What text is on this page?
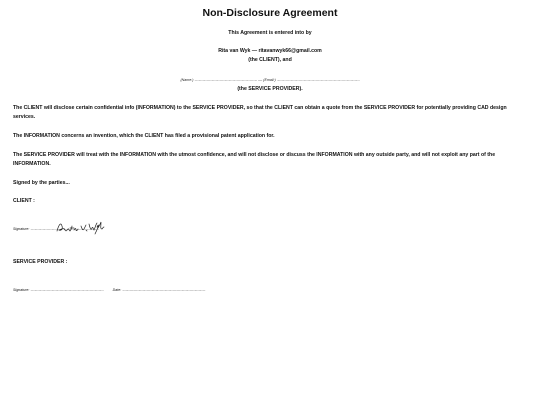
Non-Disclosure Agreement
This Agreement is entered into by
Rita van Wyk — ritavanwyk66@gmail.com
(the CLIENT), and
(Name:) ............................................................................. — (Email:) ......................................................................................................
(the SERVICE PROVIDER).

The CLIENT will disclose certain confidential info (INFORMATION) to the SERVICE PROVIDER, so that the CLIENT can obtain a quote from the SERVICE PROVIDER for potentially providing CAD design services.

The INFORMATION concerns an invention, which the CLIENT has filed a provisional patent application for.

The SERVICE PROVIDER will treat with the INFORMATION with the utmost confidence, and will not disclose or discuss the INFORMATION with any outside party, and will not exploit any part of the INFORMATION.

Signed by the parties...

CLIENT :

Signature: ....................................................................................

SERVICE PROVIDER :

Signature: ..........................................................................................	Date: ......................................................................................................
